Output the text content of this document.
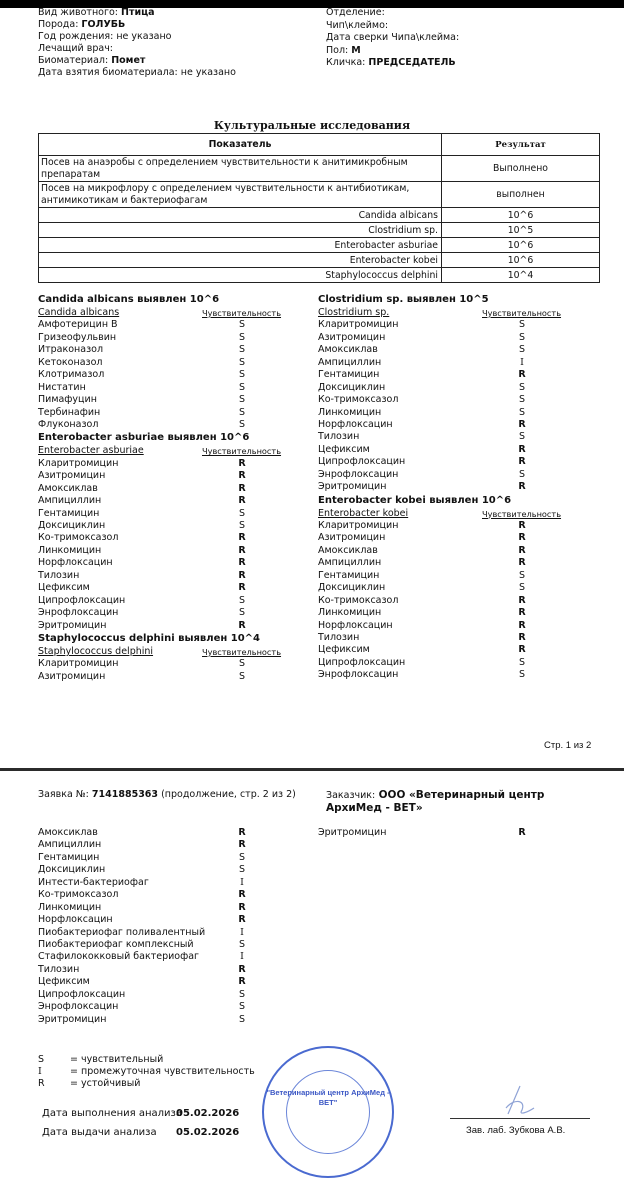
Вид животного: Птица
Порода: ГОЛУБЬ
Год рождения: не указано
Лечащий врач:
Биоматериал: Помет
Дата взятия биоматериала: не указано
Отделение:
Чип\клеймо:
Дата сверки Чипа\клейма:
Пол: М
Кличка: ПРЕДСЕДАТЕЛЬ
Культуральные исследования
Показатель	Результат
Посев на анаэробы с определением чувствительности к анитимикробным препаратам	Выполнено
Посев на микрофлору с определением чувствительности к антибиотикам, антимикотикам и бактериофагам	выполнен
Candida albicans	10^6
Clostridium sp.	10^5
Enterobacter asburiae	10^6
Enterobacter kobei	10^6
Staphylococcus delphini	10^4
Candida albicans выявлен 10^6
Candida albicans	Чувствительность
Амфотерицин В	S
Гризеофульвин	S
Итраконазол	S
Кетоконазол	S
Клотримазол	S
Нистатин	S
Пимафуцин	S
Тербинафин	S
Флуконазол	S
Enterobacter asburiae выявлен 10^6
Enterobacter asburiae	Чувствительность
Кларитромицин	R
Азитромицин	R
Амоксиклав	R
Ампициллин	R
Гентамицин	S
Доксициклин	S
Ко-тримоксазол	R
Линкомицин	R
Норфлоксацин	R
Тилозин	R
Цефиксим	R
Ципрофлоксацин	S
Энрофлоксацин	S
Эритромицин	R
Staphylococcus delphini выявлен 10^4
Staphylococcus delphini	Чувствительность
Кларитромицин	S
Азитромицин	S
Clostridium sp. выявлен 10^5
Clostridium sp.	Чувствительность
Кларитромицин	S
Азитромицин	S
Амоксиклав	S
Ампициллин	I
Гентамицин	R
Доксициклин	S
Ко-тримоксазол	S
Линкомицин	S
Норфлоксацин	R
Тилозин	S
Цефиксим	R
Ципрофлоксацин	R
Энрофлоксацин	S
Эритромицин	R
Enterobacter kobei выявлен 10^6
Enterobacter kobei	Чувствительность
Кларитромицин	R
Азитромицин	R
Амоксиклав	R
Ампициллин	R
Гентамицин	S
Доксициклин	S
Ко-тримоксазол	R
Линкомицин	R
Норфлоксацин	R
Тилозин	R
Цефиксим	R
Ципрофлоксацин	S
Энрофлоксацин	S
Стр. 1 из 2
Заявка №: 7141885363 (продолжение, стр. 2 из 2)	Заказчик: ООО «Ветеринарный центр АрхиМед - ВЕТ»
Амоксиклав	R
Ампициллин	R
Гентамицин	S
Доксициклин	S
Интести-бактериофаг	I
Ко-тримоксазол	R
Линкомицин	R
Норфлоксацин	R
Пиобактериофаг поливалентный	I
Пиобактериофаг комплексный	S
Стафилококковый бактериофаг	I
Тилозин	R
Цефиксим	R
Ципрофлоксацин	S
Энрофлоксацин	S
Эритромицин	S
Эритромицин	R
S	= чувствительный
I	= промежуточная чувствительность
R	= устойчивый
Дата выполнения анализа
05.02.2026
Дата выдачи анализа	05.02.2026
"Ветеринарный центр АрхиМед - ВЕТ"
Зав. лаб. Зубкова А.В.
